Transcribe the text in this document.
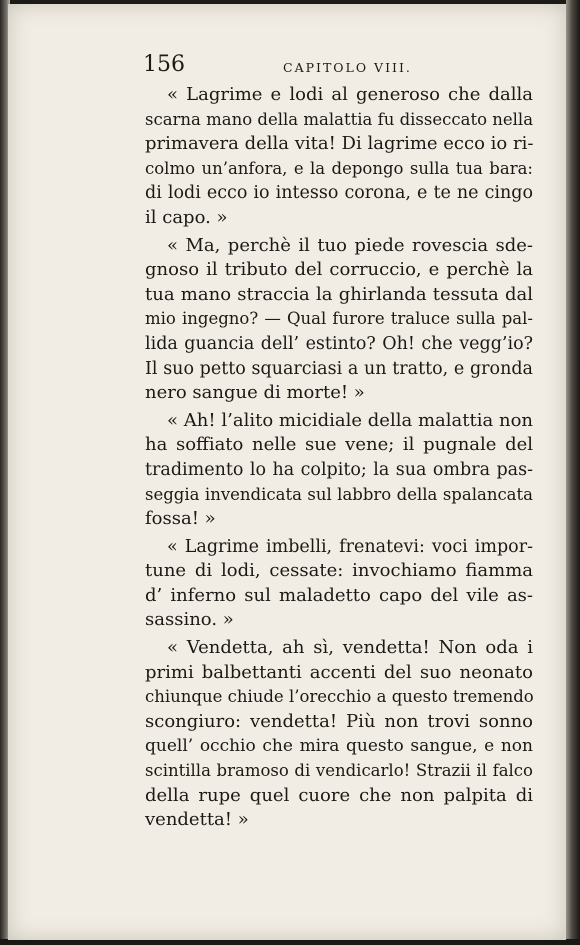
156	CAPITOLO VIII.
« Lagrime e lodi al generoso che dalla
scarna mano della malattia fu disseccato nella
primavera della vita! Di lagrime ecco io ri-
colmo un’anfora, e la depongo sulla tua bara:
di lodi ecco io intesso corona, e te ne cingo
il capo. »
« Ma, perchè il tuo piede rovescia sde-
gnoso il tributo del corruccio, e perchè la
tua mano straccia la ghirlanda tessuta dal
mio ingegno? — Qual furore traluce sulla pal-
lida guancia dell’ estinto? Oh! che vegg’io?
Il suo petto squarciasi a un tratto, e gronda
nero sangue di morte! »
« Ah! l’alito micidiale della malattia non
ha soffiato nelle sue vene; il pugnale del
tradimento lo ha colpito; la sua ombra pas-
seggia invendicata sul labbro della spalancata
fossa! »
« Lagrime imbelli, frenatevi: voci impor-
tune di lodi, cessate: invochiamo fiamma
d’ inferno sul maladetto capo del vile as-
sassino. »
« Vendetta, ah sì, vendetta! Non oda i
primi balbettanti accenti del suo neonato
chiunque chiude l’orecchio a questo tremendo
scongiuro: vendetta! Più non trovi sonno
quell’ occhio che mira questo sangue, e non
scintilla bramoso di vendicarlo! Strazii il falco
della rupe quel cuore che non palpita di
vendetta! »
